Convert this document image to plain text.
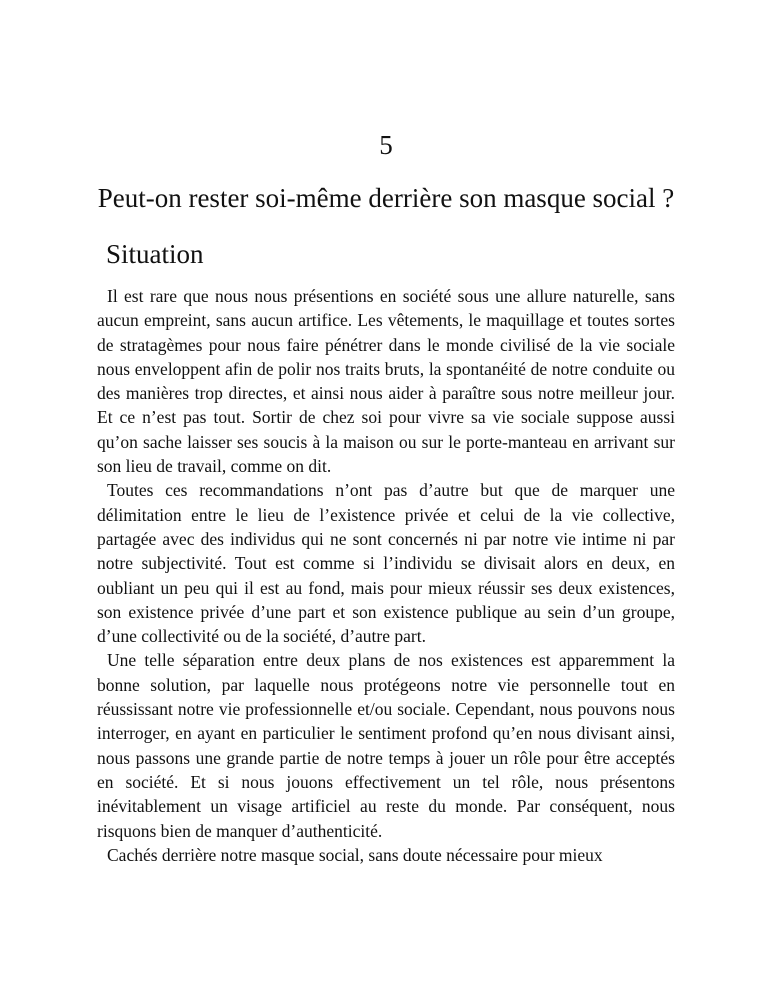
5
Peut-on rester soi-même derrière son masque social ?
Situation

Il est rare que nous nous présentions en société sous une allure naturelle, sans aucun empreint, sans aucun artifice. Les vêtements, le maquillage et toutes sortes de stratagèmes pour nous faire pénétrer dans le monde civilisé de la vie sociale nous enveloppent afin de polir nos traits bruts, la spontanéité de notre conduite ou des manières trop directes, et ainsi nous aider à paraître sous notre meilleur jour. Et ce n’est pas tout. Sortir de chez soi pour vivre sa vie sociale suppose aussi qu’on sache laisser ses soucis à la maison ou sur le porte-manteau en arrivant sur son lieu de travail, comme on dit.

Toutes ces recommandations n’ont pas d’autre but que de marquer une délimitation entre le lieu de l’existence privée et celui de la vie collective, partagée avec des individus qui ne sont concernés ni par notre vie intime ni par notre subjectivité. Tout est comme si l’individu se divisait alors en deux, en oubliant un peu qui il est au fond, mais pour mieux réussir ses deux existences, son existence privée d’une part et son existence publique au sein d’un groupe, d’une collectivité ou de la société, d’autre part.

Une telle séparation entre deux plans de nos existences est apparemment la bonne solution, par laquelle nous protégeons notre vie personnelle tout en réussissant notre vie professionnelle et/ou sociale. Cependant, nous pouvons nous interroger, en ayant en particulier le sentiment profond qu’en nous divisant ainsi, nous passons une grande partie de notre temps à jouer un rôle pour être acceptés en société. Et si nous jouons effectivement un tel rôle, nous présentons inévitablement un visage artificiel au reste du monde. Par conséquent, nous risquons bien de manquer d’authenticité.

Cachés derrière notre masque social, sans doute nécessaire pour mieux
